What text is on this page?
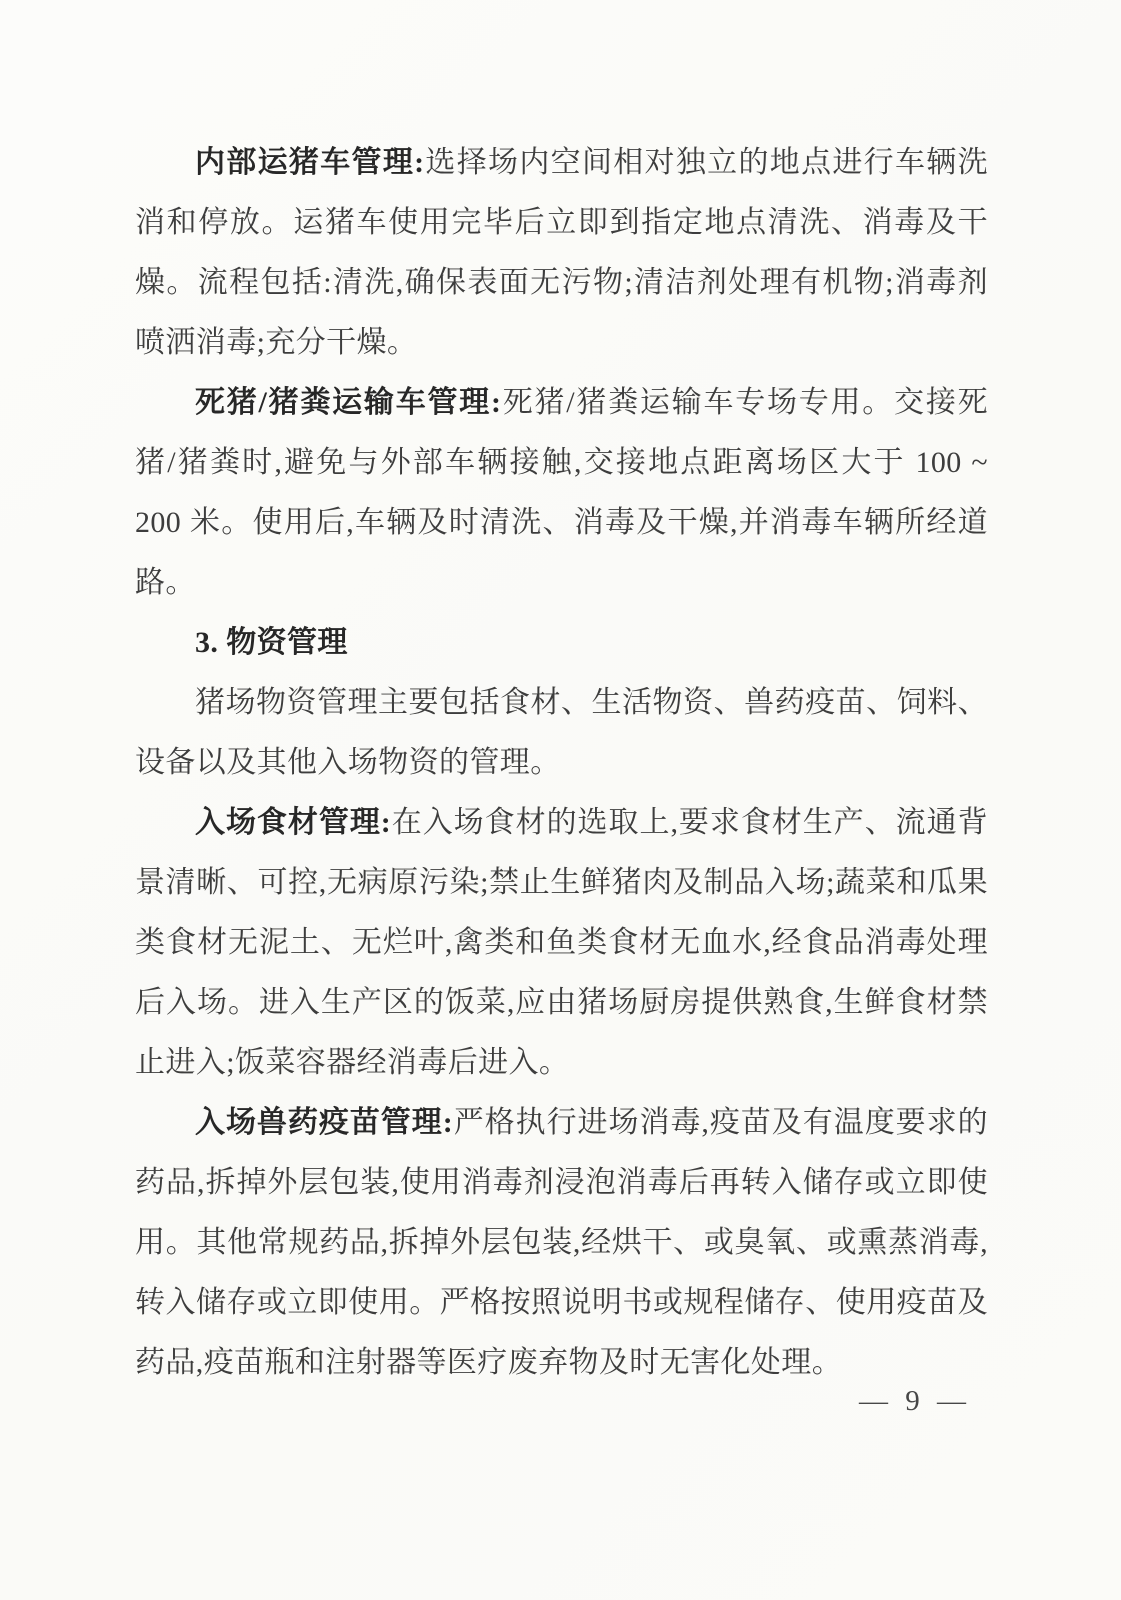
内部运猪车管理:选择场内空间相对独立的地点进行车辆洗消和停放。运猪车使用完毕后立即到指定地点清洗、消毒及干燥。流程包括:清洗,确保表面无污物;清洁剂处理有机物;消毒剂喷洒消毒;充分干燥。

死猪/猪粪运输车管理:死猪/猪粪运输车专场专用。交接死猪/猪粪时,避免与外部车辆接触,交接地点距离场区大于 100 ~ 200 米。使用后,车辆及时清洗、消毒及干燥,并消毒车辆所经道路。

3. 物资管理

猪场物资管理主要包括食材、生活物资、兽药疫苗、饲料、设备以及其他入场物资的管理。

入场食材管理:在入场食材的选取上,要求食材生产、流通背景清晰、可控,无病原污染;禁止生鲜猪肉及制品入场;蔬菜和瓜果类食材无泥土、无烂叶,禽类和鱼类食材无血水,经食品消毒处理后入场。进入生产区的饭菜,应由猪场厨房提供熟食,生鲜食材禁止进入;饭菜容器经消毒后进入。

入场兽药疫苗管理:严格执行进场消毒,疫苗及有温度要求的药品,拆掉外层包装,使用消毒剂浸泡消毒后再转入储存或立即使用。其他常规药品,拆掉外层包装,经烘干、或臭氧、或熏蒸消毒,转入储存或立即使用。严格按照说明书或规程储存、使用疫苗及药品,疫苗瓶和注射器等医疗废弃物及时无害化处理。

— 9 —
